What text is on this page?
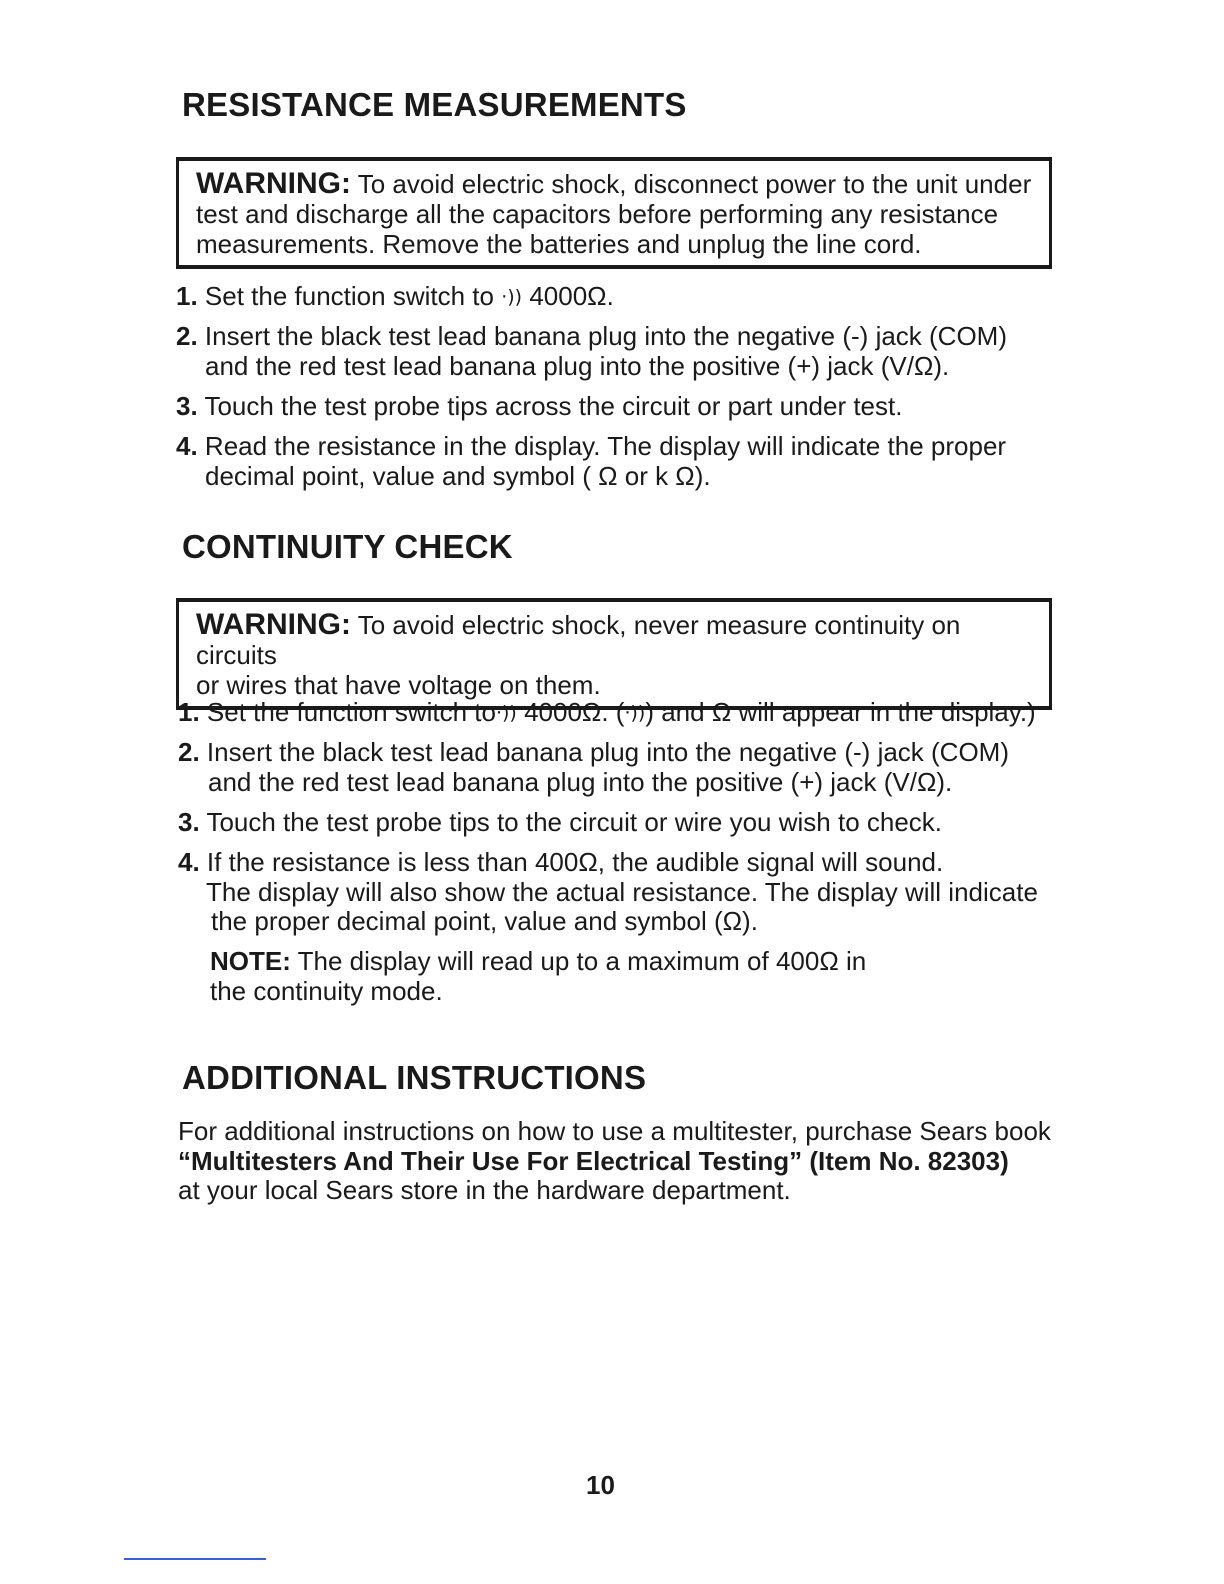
RESISTANCE MEASUREMENTS
WARNING: To avoid electric shock, disconnect power to the unit under
test and discharge all the capacitors before performing any resistance
measurements. Remove the batteries and unplug the line cord.
1. Set the function switch to ·)) 4000Ω.
2. Insert the black test lead banana plug into the negative (-) jack (COM)
and the red test lead banana plug into the positive (+) jack (V/Ω).
3. Touch the test probe tips across the circuit or part under test.
4. Read the resistance in the display. The display will indicate the proper
decimal point, value and symbol ( Ω or k Ω).
CONTINUITY CHECK
WARNING: To avoid electric shock, never measure continuity on circuits
or wires that have voltage on them.
1. Set the function switch to·)) 4000Ω. (·))) and Ω will appear in the display.)
2. Insert the black test lead banana plug into the negative (-) jack (COM)
and the red test lead banana plug into the positive (+) jack (V/Ω).
3. Touch the test probe tips to the circuit or wire you wish to check.
4. If the resistance is less than 400Ω, the audible signal will sound.
The display will also show the actual resistance. The display will indicate
the proper decimal point, value and symbol (Ω).
NOTE: The display will read up to a maximum of 400Ω in
the continuity mode.
ADDITIONAL INSTRUCTIONS
For additional instructions on how to use a multitester, purchase Sears book
“Multitesters And Their Use For Electrical Testing” (Item No. 82303)
at your local Sears store in the hardware department.
10
